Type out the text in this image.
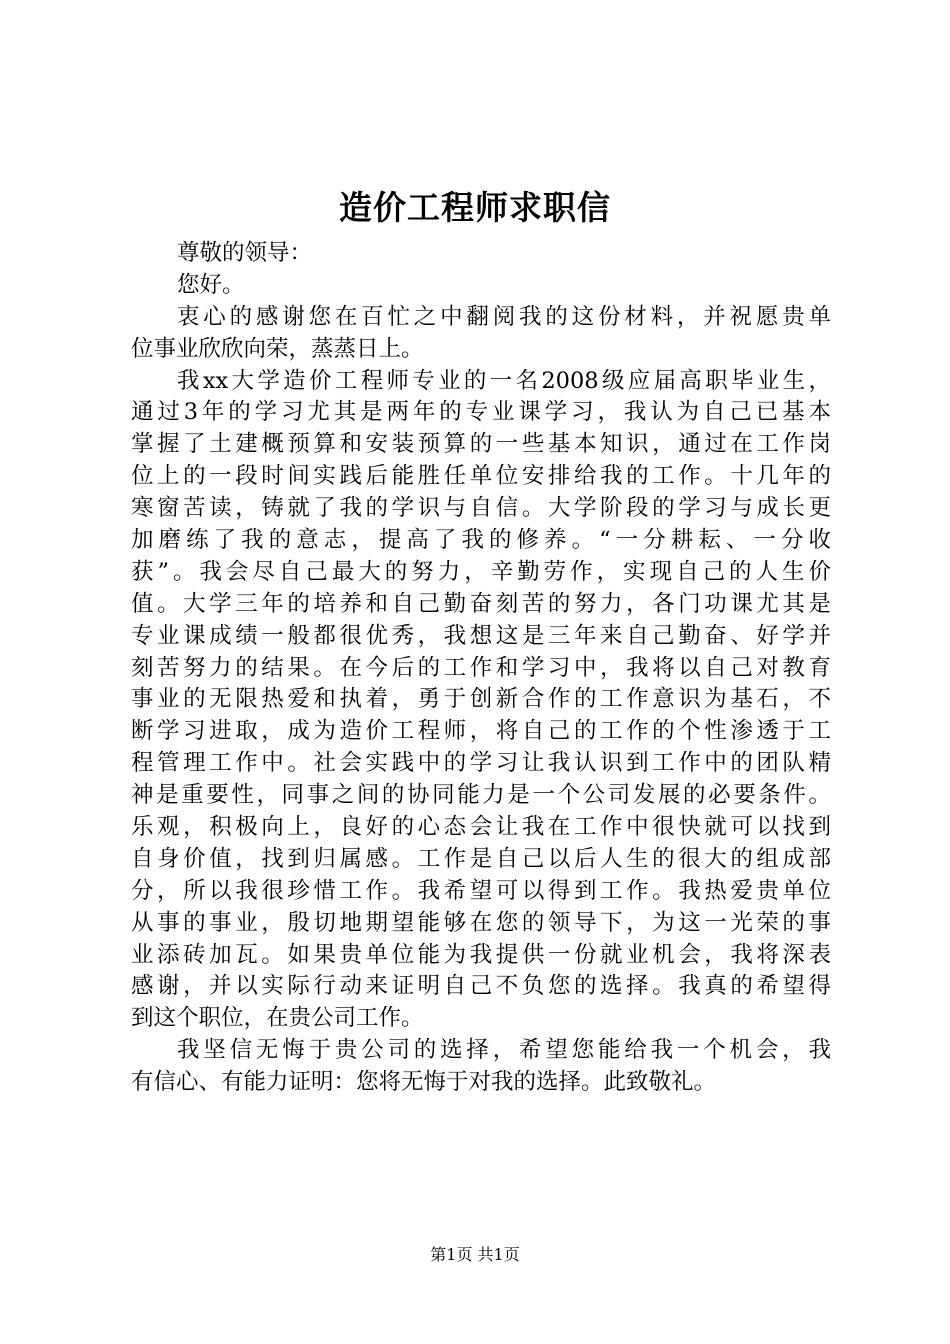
造价工程师求职信
尊敬的领导：
您好。
衷心的感谢您在百忙之中翻阅我的这份材料，并祝愿贵单
位事业欣欣向荣，蒸蒸日上。
我xx大学造价工程师专业的一名2008级应届高职毕业生，
通过3年的学习尤其是两年的专业课学习，我认为自己已基本
掌握了土建概预算和安装预算的一些基本知识，通过在工作岗
位上的一段时间实践后能胜任单位安排给我的工作。十几年的
寒窗苦读，铸就了我的学识与自信。大学阶段的学习与成长更
加磨练了我的意志，提高了我的修养。“一分耕耘、一分收
获”。我会尽自己最大的努力，辛勤劳作，实现自己的人生价
值。大学三年的培养和自己勤奋刻苦的努力，各门功课尤其是
专业课成绩一般都很优秀，我想这是三年来自己勤奋、好学并
刻苦努力的结果。在今后的工作和学习中，我将以自己对教育
事业的无限热爱和执着，勇于创新合作的工作意识为基石，不
断学习进取，成为造价工程师，将自己的工作的个性渗透于工
程管理工作中。社会实践中的学习让我认识到工作中的团队精
神是重要性，同事之间的协同能力是一个公司发展的必要条件。
乐观，积极向上，良好的心态会让我在工作中很快就可以找到
自身价值，找到归属感。工作是自己以后人生的很大的组成部
分，所以我很珍惜工作。我希望可以得到工作。我热爱贵单位
从事的事业，殷切地期望能够在您的领导下，为这一光荣的事
业添砖加瓦。如果贵单位能为我提供一份就业机会，我将深表
感谢，并以实际行动来证明自己不负您的选择。我真的希望得
到这个职位，在贵公司工作。
我坚信无悔于贵公司的选择，希望您能给我一个机会，我
有信心、有能力证明：您将无悔于对我的选择。此致敬礼。
第1页 共1页
